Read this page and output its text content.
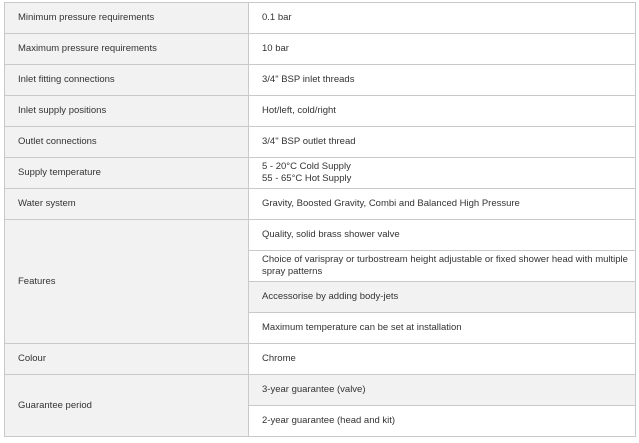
Minimum pressure requirements	0.1 bar
Maximum pressure requirements	10 bar
Inlet fitting connections	3/4" BSP inlet threads
Inlet supply positions	Hot/left, cold/right
Outlet connections	3/4" BSP outlet thread
Supply temperature	5 - 20°C Cold Supply
55 - 65°C Hot Supply

Water system	Gravity, Boosted Gravity, Combi and Balanced High Pressure
Features	Quality, solid brass shower valve
	Choice of varispray or turbostream height adjustable or fixed shower head with multiple spray patterns
	Accessorise by adding body-jets
	Maximum temperature can be set at installation
Colour	Chrome
Guarantee period	3-year guarantee (valve)
	2-year guarantee (head and kit)
